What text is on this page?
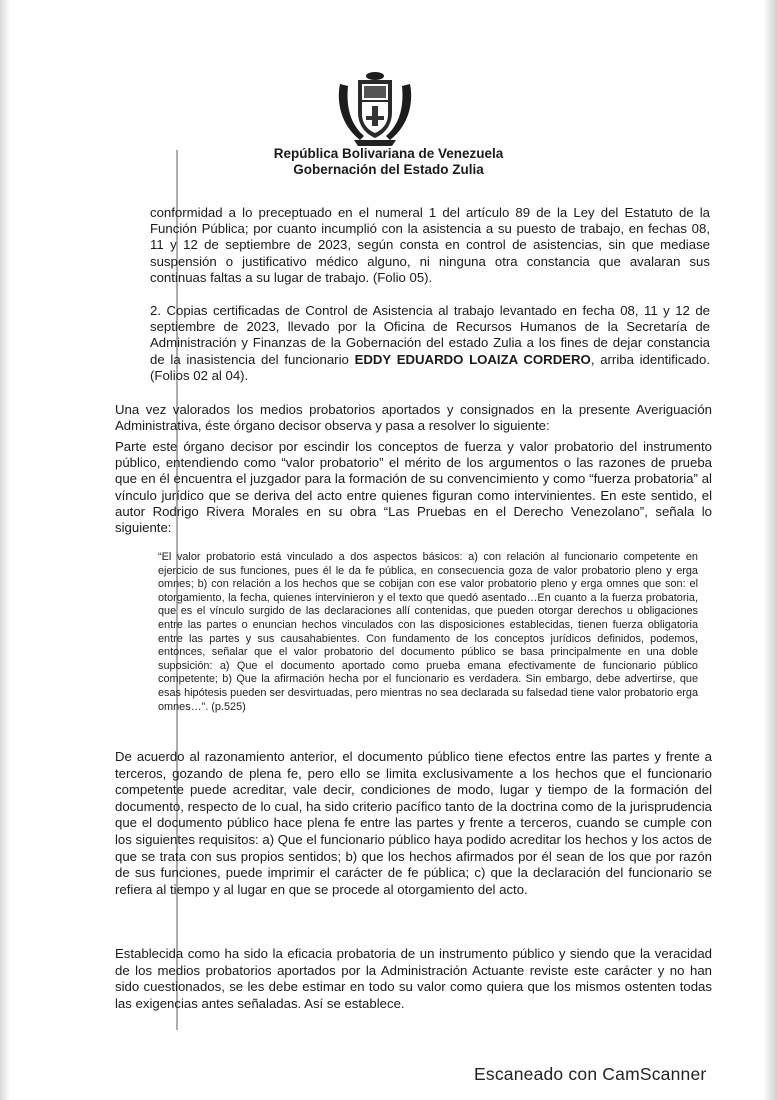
República Bolivariana de Venezuela
Gobernación del Estado Zulia
conformidad a lo preceptuado en el numeral 1 del artículo 89 de la Ley del Estatuto de la Función Pública; por cuanto incumplió con la asistencia a su puesto de trabajo, en fechas 08, 11 y 12 de septiembre de 2023, según consta en control de asistencias, sin que mediase suspensión o justificativo médico alguno, ni ninguna otra constancia que avalaran sus continuas faltas a su lugar de trabajo. (Folio 05).
2. Copias certificadas de Control de Asistencia al trabajo levantado en fecha 08, 11 y 12 de septiembre de 2023, llevado por la Oficina de Recursos Humanos de la Secretaría de Administración y Finanzas de la Gobernación del estado Zulia a los fines de dejar constancia de la inasistencia del funcionario EDDY EDUARDO LOAIZA CORDERO, arriba identificado. (Folios 02 al 04).
Una vez valorados los medios probatorios aportados y consignados en la presente Averiguación Administrativa, éste órgano decisor observa y pasa a resolver lo siguiente:
Parte este órgano decisor por escindir los conceptos de fuerza y valor probatorio del instrumento público, entendiendo como “valor probatorio” el mérito de los argumentos o las razones de prueba que en él encuentra el juzgador para la formación de su convencimiento y como “fuerza probatoria” al vínculo jurídico que se deriva del acto entre quienes figuran como intervinientes. En este sentido, el autor Rodrigo Rivera Morales en su obra “Las Pruebas en el Derecho Venezolano”, señala lo siguiente:
“El valor probatorio está vinculado a dos aspectos básicos: a) con relación al funcionario competente en ejercicio de sus funciones, pues él le da fe pública, en consecuencia goza de valor probatorio pleno y erga omnes; b) con relación a los hechos que se cobijan con ese valor probatorio pleno y erga omnes que son: el otorgamiento, la fecha, quienes intervinieron y el texto que quedó asentado…En cuanto a la fuerza probatoria, que es el vínculo surgido de las declaraciones allí contenidas, que pueden otorgar derechos u obligaciones entre las partes o enuncian hechos vinculados con las disposiciones establecidas, tienen fuerza obligatoria entre las partes y sus causahabientes. Con fundamento de los conceptos jurídicos definidos, podemos, entonces, señalar que el valor probatorio del documento público se basa principalmente en una doble suposición: a) Que el documento aportado como prueba emana efectivamente de funcionario público competente; b) Que la afirmación hecha por el funcionario es verdadera. Sin embargo, debe advertirse, que esas hipótesis pueden ser desvirtuadas, pero mientras no sea declarada su falsedad tiene valor probatorio erga omnes…”. (p.525)
De acuerdo al razonamiento anterior, el documento público tiene efectos entre las partes y frente a terceros, gozando de plena fe, pero ello se limita exclusivamente a los hechos que el funcionario competente puede acreditar, vale decir, condiciones de modo, lugar y tiempo de la formación del documento, respecto de lo cual, ha sido criterio pacífico tanto de la doctrina como de la jurisprudencia que el documento público hace plena fe entre las partes y frente a terceros, cuando se cumple con los siguientes requisitos: a) Que el funcionario público haya podido acreditar los hechos y los actos de que se trata con sus propios sentidos; b) que los hechos afirmados por él sean de los que por razón de sus funciones, puede imprimir el carácter de fe pública; c) que la declaración del funcionario se refiera al tiempo y al lugar en que se procede al otorgamiento del acto.
Establecida como ha sido la eficacia probatoria de un instrumento público y siendo que la veracidad de los medios probatorios aportados por la Administración Actuante reviste este carácter y no han sido cuestionados, se les debe estimar en todo su valor como quiera que los mismos ostenten todas las exigencias antes señaladas. Así se establece.
Escaneado con CamScanner
